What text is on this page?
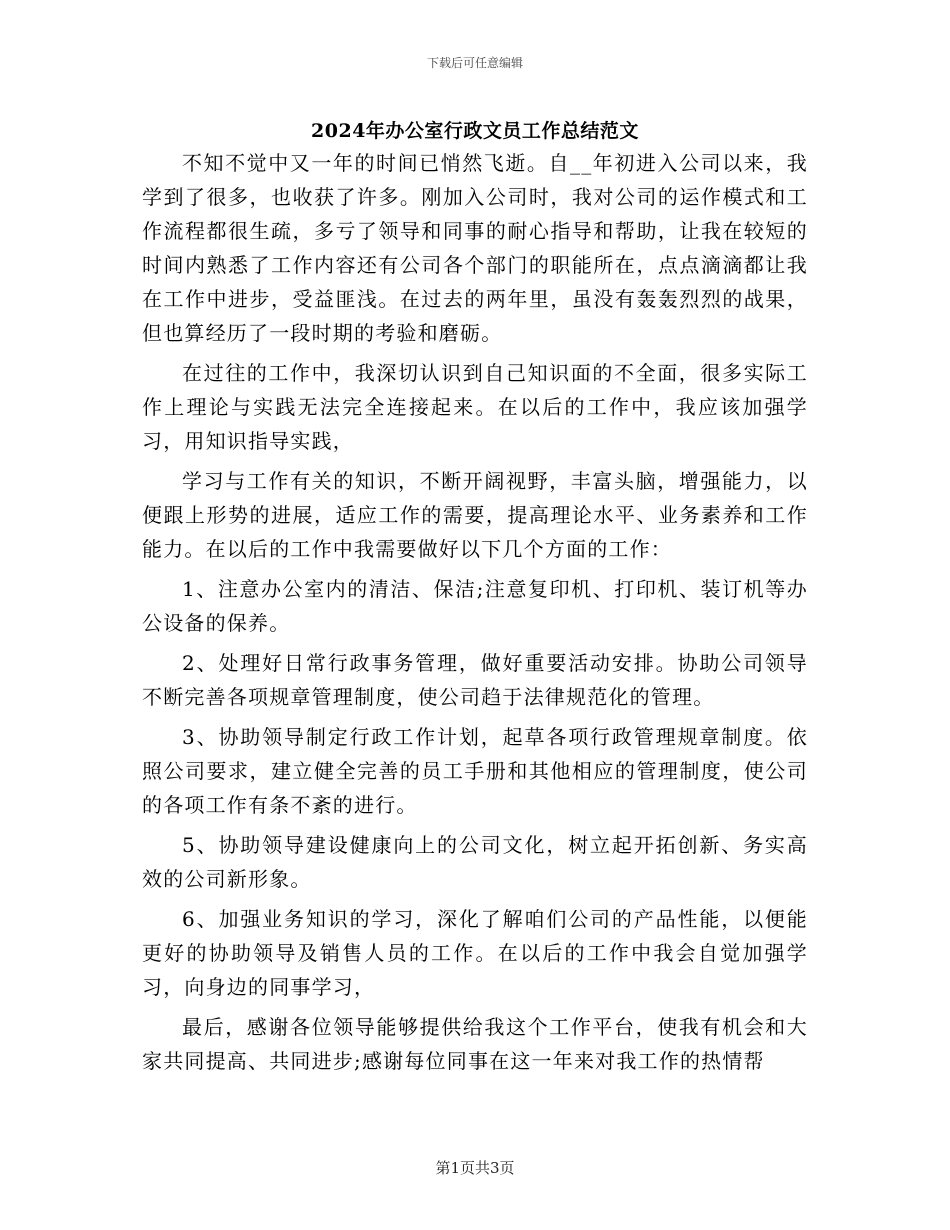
下载后可任意编辑
2024年办公室行政文员工作总结范文

不知不觉中又一年的时间已悄然飞逝。自__年初进入公司以来，我学到了很多，也收获了许多。刚加入公司时，我对公司的运作模式和工作流程都很生疏，多亏了领导和同事的耐心指导和帮助，让我在较短的时间内熟悉了工作内容还有公司各个部门的职能所在，点点滴滴都让我在工作中进步，受益匪浅。在过去的两年里，虽没有轰轰烈烈的战果，但也算经历了一段时期的考验和磨砺。

在过往的工作中，我深切认识到自己知识面的不全面，很多实际工作上理论与实践无法完全连接起来。在以后的工作中，我应该加强学习，用知识指导实践，

学习与工作有关的知识，不断开阔视野，丰富头脑，增强能力，以便跟上形势的进展，适应工作的需要，提高理论水平、业务素养和工作能力。在以后的工作中我需要做好以下几个方面的工作：

1、注意办公室内的清洁、保洁;注意复印机、打印机、装订机等办公设备的保养。

2、处理好日常行政事务管理，做好重要活动安排。协助公司领导不断完善各项规章管理制度，使公司趋于法律规范化的管理。

3、协助领导制定行政工作计划，起草各项行政管理规章制度。依照公司要求，建立健全完善的员工手册和其他相应的管理制度，使公司的各项工作有条不紊的进行。

5、协助领导建设健康向上的公司文化，树立起开拓创新、务实高效的公司新形象。

6、加强业务知识的学习，深化了解咱们公司的产品性能，以便能更好的协助领导及销售人员的工作。在以后的工作中我会自觉加强学习，向身边的同事学习，

最后，感谢各位领导能够提供给我这个工作平台，使我有机会和大家共同提高、共同进步;感谢每位同事在这一年来对我工作的热情帮

第1页共3页
